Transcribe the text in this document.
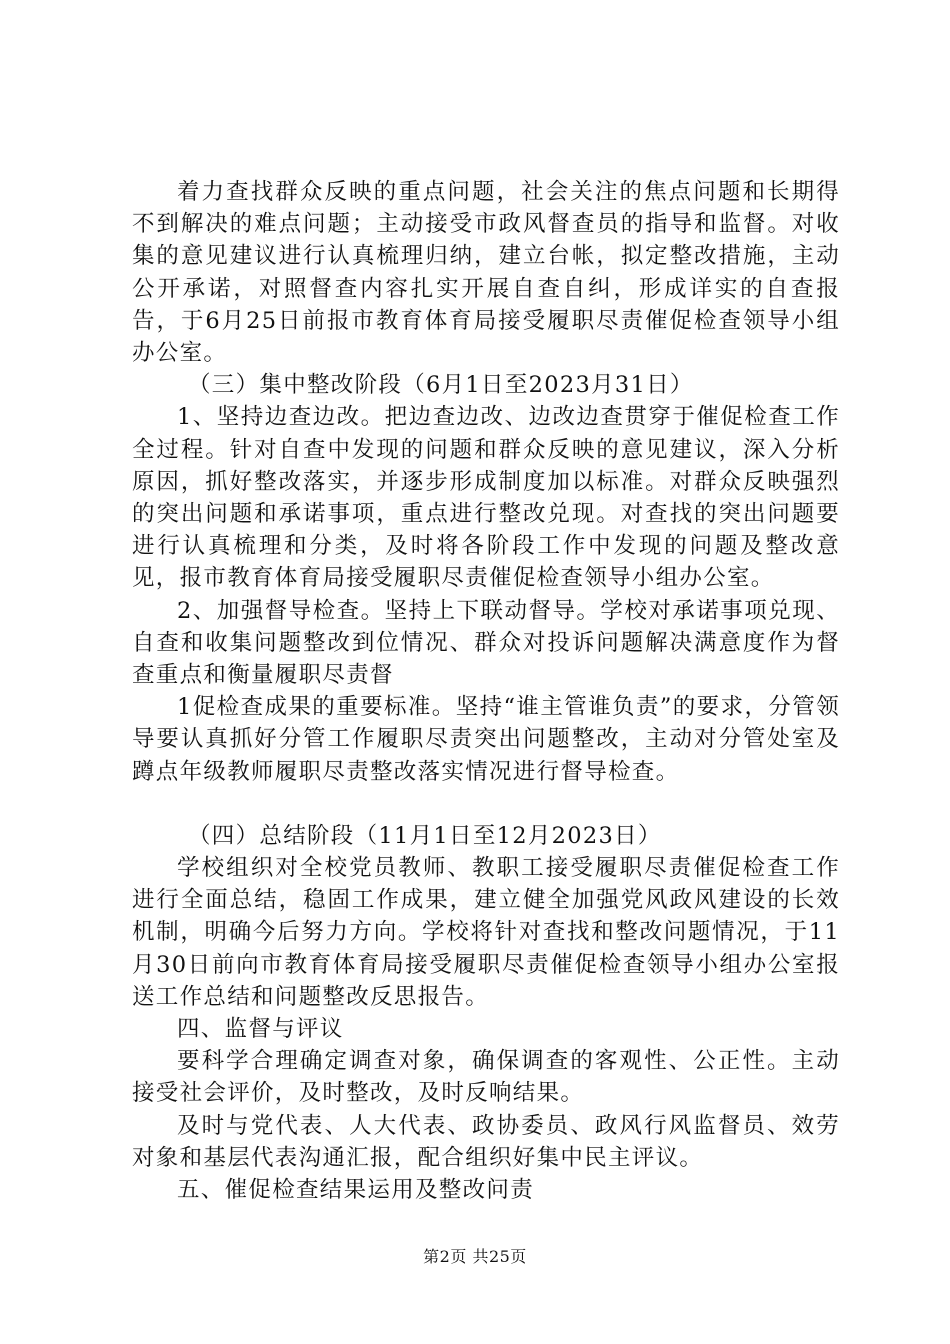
着力查找群众反映的重点问题，社会关注的焦点问题和长期得不到解决的难点问题；主动接受市政风督查员的指导和监督。对收集的意见建议进行认真梳理归纳，建立台帐，拟定整改措施，主动公开承诺，对照督查内容扎实开展自查自纠，形成详实的自查报告，于6月25日前报市教育体育局接受履职尽责催促检查领导小组办公室。

（三）集中整改阶段（6月1日至2023月31日）

1、坚持边查边改。把边查边改、边改边查贯穿于催促检查工作全过程。针对自查中发现的问题和群众反映的意见建议，深入分析原因，抓好整改落实，并逐步形成制度加以标准。对群众反映强烈的突出问题和承诺事项，重点进行整改兑现。对查找的突出问题要进行认真梳理和分类，及时将各阶段工作中发现的问题及整改意见，报市教育体育局接受履职尽责催促检查领导小组办公室。

2、加强督导检查。坚持上下联动督导。学校对承诺事项兑现、自查和收集问题整改到位情况、群众对投诉问题解决满意度作为督查重点和衡量履职尽责督

1促检查成果的重要标准。坚持“谁主管谁负责”的要求，分管领导要认真抓好分管工作履职尽责突出问题整改，主动对分管处室及蹲点年级教师履职尽责整改落实情况进行督导检查。

（四）总结阶段（11月1日至12月2023日）

学校组织对全校党员教师、教职工接受履职尽责催促检查工作进行全面总结，稳固工作成果，建立健全加强党风政风建设的长效机制，明确今后努力方向。学校将针对查找和整改问题情况，于11月30日前向市教育体育局接受履职尽责催促检查领导小组办公室报送工作总结和问题整改反思报告。

四、监督与评议

要科学合理确定调查对象，确保调查的客观性、公正性。主动接受社会评价，及时整改，及时反响结果。

及时与党代表、人大代表、政协委员、政风行风监督员、效劳对象和基层代表沟通汇报，配合组织好集中民主评议。

五、催促检查结果运用及整改问责

第2页 共25页
